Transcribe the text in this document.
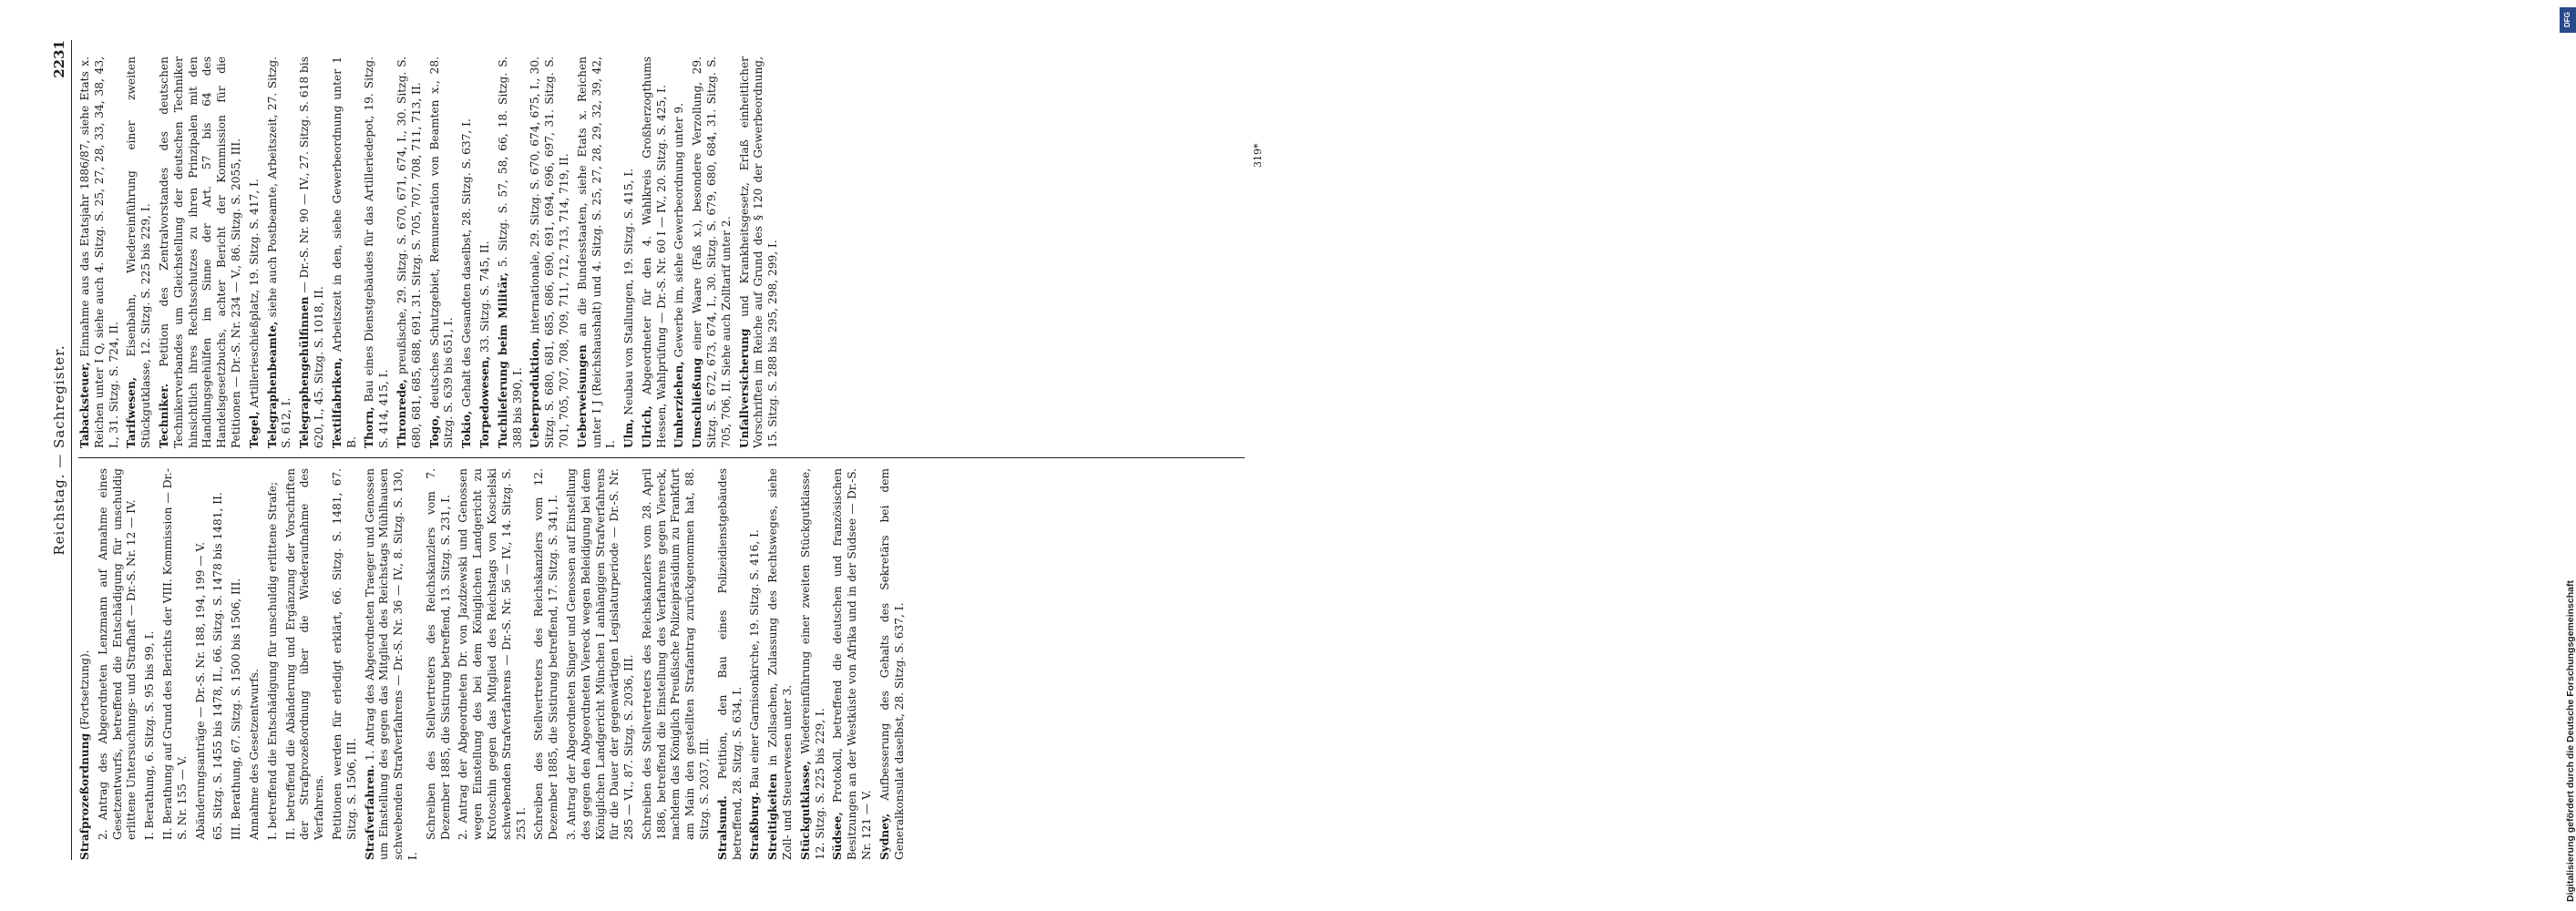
Reichstag. — Sachregister.
2231
Strafprozeßordnung (Fortsetzung). 2. Antrag des Abgeordneten Lenzmann auf Annahme eines Gesetzentwurfs, betreffend die Entschädigung für unschuldig erlittene Untersuchungs- und Strafhaft — Dr.-S. Nr. 12 — IV. I. Berathung, 6. Sitzg. S. 95 bis 99, I. II. Berathung auf Grund des Berichts der VIII. Kommission — Dr.-S. Nr. 155 — V. Abänderungsanträge — Dr.-S. Nr. 188, 194, 199 — V. 65. Sitzg. S. 1455 bis 1478, II., 66. Sitzg. S. 1478 bis 1481, II. III. Berathung, 67. Sitzg. S. 1500 bis 1506, III. Annahme des Gesetzentwurfs. I. betreffend die Entschädigung für unschuldig erlittene Strafe; II. betreffend die Abänderung und Ergänzung der Vorschriften der Strafprozeßordnung über die Wiederaufnahme des Verfahrens. Petitionen werden für erledigt erklärt, 66. Sitzg. S. 1481, 67. Sitzg. S. 1506, III. Strafverfahren. 1. Antrag des Abgeordneten Traeger und Genossen um Einstellung des gegen das Mitglied des Reichstags Mühlhausen schwebenden Strafverfahrens — Dr.-S. Nr. 36 — IV., 8. Sitzg. S. 130, I.
Schreiben des Stellvertreters des Reichskanzlers vom 7. Dezember 1885, die Sistirung betreffend, 13. Sitzg. S. 231, I. 2. Antrag der Abgeordneten Dr. von Jazdzewski und Genossen wegen Einstellung des bei dem Königlichen Landgericht zu Krotoschin gegen das Mitglied des Reichstags von Koscielski schwebenden Strafverfahrens — Dr.-S. Nr. 56 — IV., 14. Sitzg. S. 253 I. Schreiben des Stellvertreters des Reichskanzlers vom 12. Dezember 1885, die Sistirung betreffend, 17. Sitzg. S. 341, I. 3. Antrag der Abgeordneten Singer und Genossen auf Einstellung des gegen den Abgeordneten Viereck wegen Beleidigung bei dem Königlichen Landgericht München I anhängigen Strafverfahrens für die Dauer der gegenwärtigen Legislaturperiode — Dr.-S. Nr. 285 — VI., 87. Sitzg. S. 2036, III. Schreiben des Stellvertreters des Reichskanzlers vom 28. April 1886, betreffend die Einstellung des Verfahrens gegen Viereck, nachdem das Königlich Preußische Polizeipräsidium zu Frankfurt am Main den gestellten Strafantrag zurückgenommen hat, 88. Sitzg. S. 2037, III. Stralsund. Petition, den Bau eines Polizeidienstgebäudes betreffend, 28. Sitzg. S. 634, I. Straßburg. Bau einer Garnisonkirche, 19. Sitzg. S. 416, I.
Streitigkeiten in Zollsachen, Zulassung des Rechtsweges, siehe Zoll- und Steuerwesen unter 3. Stückgutklasse, Wiedereinführung einer zweiten Stückgutklasse, 12. Sitzg. S. 225 bis 229, I. Südsee, Protokoll, betreffend die deutschen und französischen Besitzungen an der Westküste von Afrika und in der Südsee — Dr.-S. Nr. 121 — V. Sydney, Aufbesserung des Gehalts des Sekretärs bei dem Generalkonsulat daselbst, 28. Sitzg. S. 637, I.
Tabacksteuer, Einnahme aus das Etatsjahr 1886/87, siehe Etats x. Reichen unter I Q, siehe auch 4. Sitzg. S. 25, 27, 28, 33, 34, 38, 43, I., 31. Sitzg. S. 724, II. Tarifwesen, Eisenbahn, Wiedereinführung einer zweiten Stückgutklasse, 12. Sitzg. S. 225 bis 229, I. Techniker. Petition des Zentralvorstandes des deutschen Technikerverbandes um Gleichstellung der deutschen Techniker hinsichtlich ihres Rechtsschutzes zu ihren Prinzipalen mit den Handlungsgehülfen im Sinne der Art. 57 bis 64 des Handelsgesetzbuchs, achter Bericht der Kommission für die Petitionen — Dr.-S. Nr. 234 — V., 86. Sitzg. S. 2055, III. Tegel, Artillerieschießplatz, 19. Sitzg. S. 417, I. Telegraphenbeamte, siehe auch Postbeamte, Arbeitszeit, 27. Sitzg. S. 612, I. Telegraphengehülfinnen — Dr.-S. Nr. 90 — IV., 27. Sitzg. S. 618 bis 620, I., 45. Sitzg. S. 1018, II. Textilfabriken, Arbeitszeit in den, siehe Gewerbeordnung unter 1 B. Thorn, Bau eines Dienstgebäudes für das Artilleriedepot, 19. Sitzg. S. 414, 415, I. Thronrede, preußische, 29. Sitzg. S. 670, 671, 674, I., 30. Sitzg. S. 680, 681, 685, 688, 691, 31. Sitzg. S. 705, 707, 708, 711, 713, II. Togo, deutsches Schutzgebiet, Remuneration von Beamten x., 28. Sitzg. S. 639 bis 651, I. Tokio, Gehalt des Gesandten daselbst, 28. Sitzg. S. 637, I. Torpedowesen, 33. Sitzg. S. 745, II. Tuchlieferung beim Militär, 5. Sitzg. S. 57, 58, 66, 18. Sitzg. S. 388 bis 390, I. Ueberproduktion, internationale, 29. Sitzg. S. 670, 674, 675, I., 30. Sitzg. S. 680, 681, 685, 686, 690, 691, 694, 696, 697, 31. Sitzg. S. 701, 705, 707, 708, 709, 711, 712, 713, 714, 719, II. Ueberweisungen an die Bundesstaaten, siehe Etats x. Reichen unter I J (Reichshaushalt) und 4. Sitzg. S. 25, 27, 28, 29, 32, 39, 42, I. Ulm, Neubau von Stallungen, 19. Sitzg. S. 415, I.
Ulrich, Abgeordneter für den 4. Wahlkreis Großherzogthums Hessen, Wahlprüfung — Dr.-S. Nr. 60 I — IV., 20. Sitzg. S. 425, I. Umherziehen, Gewerbe im, siehe Gewerbeordnung unter 9.
Umschließung einer Waare (Faß x.), besondere Verzollung, 29. Sitzg. S. 672, 673, 674, I., 30. Sitzg. S. 679, 680, 684, 31. Sitzg. S. 705, 706, II. Siehe auch Zolltarif unter 2. Unfallversicherung und Krankheitsgesetz, Erlaß einheitlicher Vorschriften im Reiche auf Grund des § 120 der Gewerbeordnung, 15. Sitzg. S. 288 bis 295, 298, 299, I.
319*
DFG
Digitalisierung gefördert durch die Deutsche Forschungsgemeinschaft
